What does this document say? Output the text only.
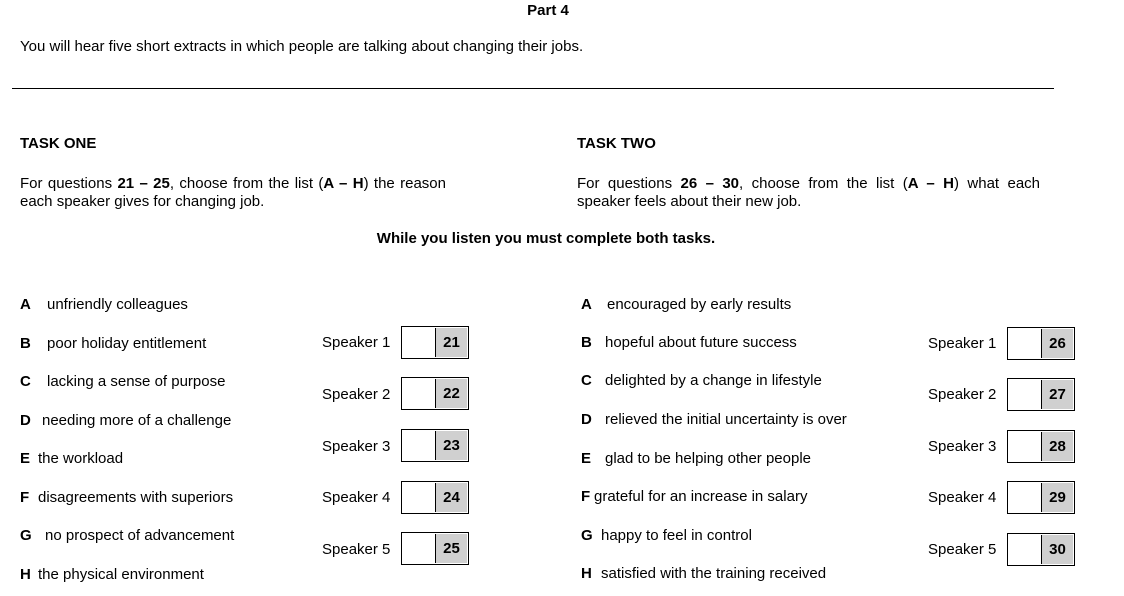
Part 4
You will hear five short extracts in which people are talking about changing their jobs.
TASK ONE
For questions 21 – 25, choose from the list (A – H) the reason each speaker gives for changing job.
TASK TWO
For questions 26 – 30, choose from the list (A – H) what each speaker feels about their new job.
While you listen you must complete both tasks.
A unfriendly colleagues
B poor holiday entitlement
C lacking a sense of purpose
D needing more of a challenge
E the workload
F disagreements with superiors
G no prospect of advancement
H the physical environment
Speaker 1	21
Speaker 2	22
Speaker 3	23
Speaker 4	24
Speaker 5	25
A encouraged by early results
B hopeful about future success
C delighted by a change in lifestyle
D relieved the initial uncertainty is over
E glad to be helping other people
F grateful for an increase in salary
G happy to feel in control
H satisfied with the training received
Speaker 1	26
Speaker 2	27
Speaker 3	28
Speaker 4	29
Speaker 5	30
